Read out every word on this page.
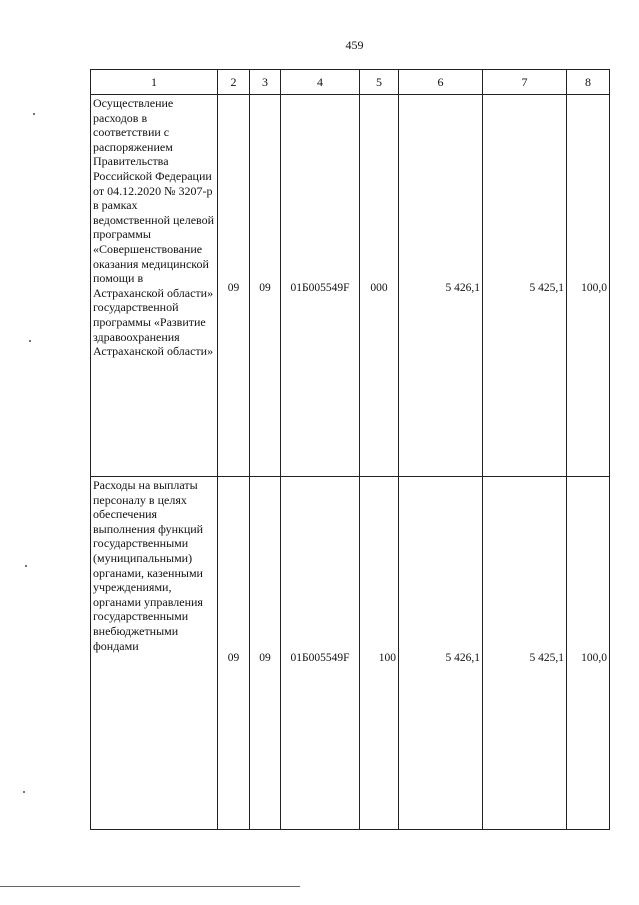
459
1	2	3	4	5	6	7	8
Осуществление расходов в соответствии с распоряжением Правительства Российской Федерации от 04.12.2020 № 3207-р в рамках ведомственной целевой программы «Совершенствование оказания медицинской помощи в Астраханской области» государственной программы «Развитие здравоохранения Астраханской области»	09	09	01Б005549F	000	5 426,1	5 425,1	100,0

Расходы на выплаты персоналу в целях обеспечения выполнения функций государственными (муниципальными) органами, казенными учреждениями, органами управления государственными внебюджетными фондами	09	09	01Б005549F	100	5 426,1	5 425,1	100,0
